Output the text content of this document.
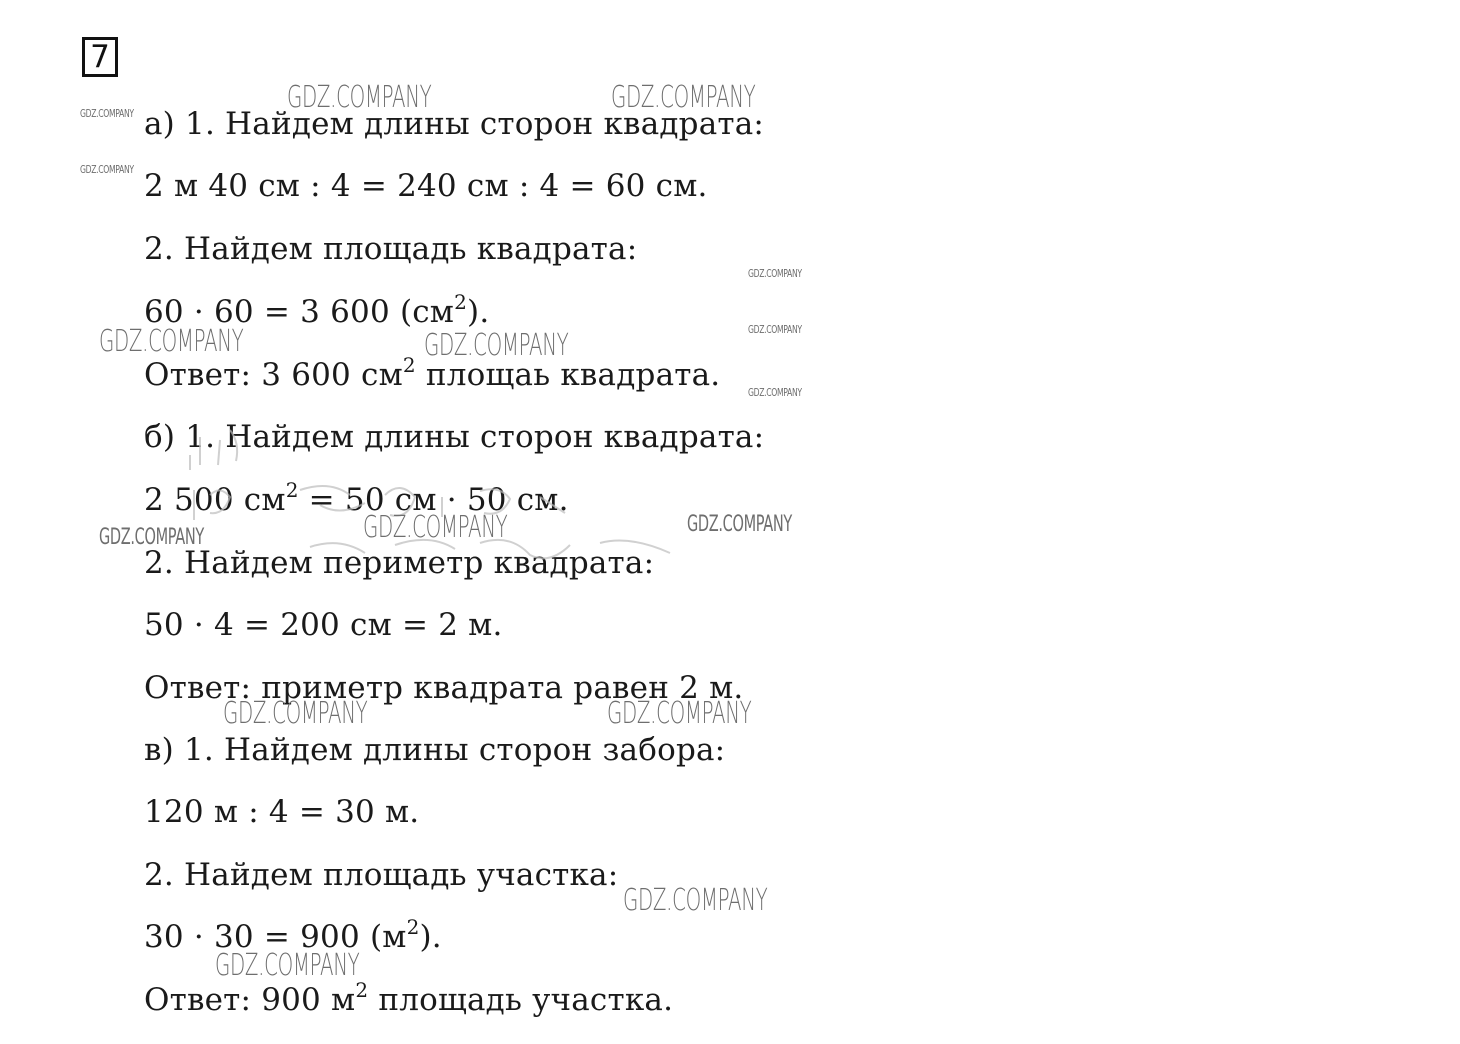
7
а) 1. Найдем длины сторон квадрата:
2 м 40 см : 4 = 240 см : 4 = 60 см.
2. Найдем площадь квадрата:
60 · 60 = 3 600 $(см^2)$.
Ответ: 3 600 $см^2$ площаь квадрата.
б) 1. Найдем длины сторон квадрата:
2 500 $см^2 = 50$ см · 50 см.
2. Найдем периметр квадрата:
50 · 4 = 200 см = 2 м.
Ответ: приметр квадрата равен 2 м.
в) 1. Найдем длины сторон забора:
120 м : 4 = 30 м.
2. Найдем площадь участка:
30 · 30 = 900 $(м^2)$.
Ответ: 900 $м^2$ площадь участка.
GDZ.COMPANY	GDZ.COMPANY
GDZ.COMPANY
GDZ.COMPANY
GDZ.COMPANY
GDZ.COMPANY
GDZ.COMPANY	GDZ.COMPANY
GDZ.COMPANY
GDZ.COMPANY
GDZ.COMPANY
GDZ.COMPANY
GDZ.COMPANY	GDZ.COMPANY
GDZ.COMPANY
GDZ.COMPANY
